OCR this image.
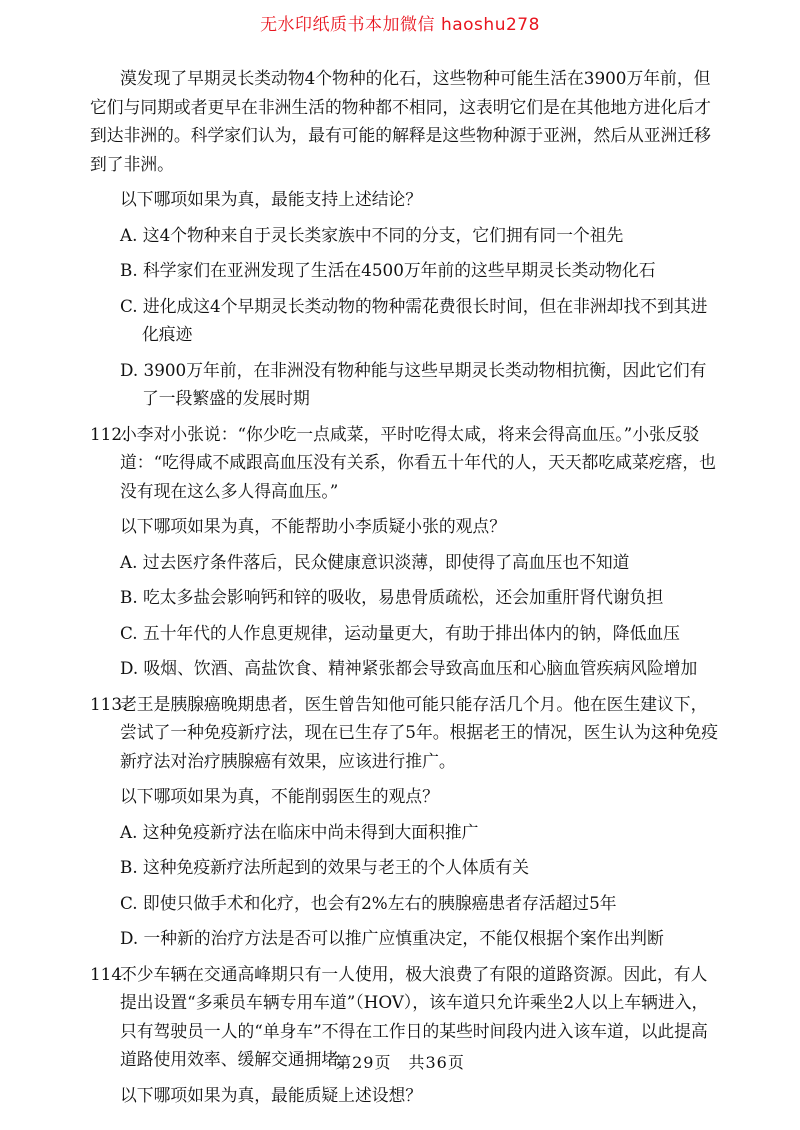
无水印纸质书本加微信 haoshu278

漠发现了早期灵长类动物4个物种的化石，这些物种可能生活在3900万年前，但它们与同期或者更早在非洲生活的物种都不相同，这表明它们是在其他地方进化后才到达非洲的。科学家们认为，最有可能的解释是这些物种源于亚洲，然后从亚洲迁移到了非洲。

以下哪项如果为真，最能支持上述结论？

A. 这4个物种来自于灵长类家族中不同的分支，它们拥有同一个祖先

B. 科学家们在亚洲发现了生活在4500万年前的这些早期灵长类动物化石

C. 进化成这4个早期灵长类动物的物种需花费很长时间，但在非洲却找不到其进化痕迹

D. 3900万年前，在非洲没有物种能与这些早期灵长类动物相抗衡，因此它们有了一段繁盛的发展时期

112.小李对小张说：“你少吃一点咸菜，平时吃得太咸，将来会得高血压。”小张反驳道：“吃得咸不咸跟高血压没有关系，你看五十年代的人，天天都吃咸菜疙瘩，也没有现在这么多人得高血压。”

以下哪项如果为真，不能帮助小李质疑小张的观点？

A. 过去医疗条件落后，民众健康意识淡薄，即使得了高血压也不知道

B. 吃太多盐会影响钙和锌的吸收，易患骨质疏松，还会加重肝肾代谢负担

C. 五十年代的人作息更规律，运动量更大，有助于排出体内的钠，降低血压

D. 吸烟、饮酒、高盐饮食、精神紧张都会导致高血压和心脑血管疾病风险增加

113.老王是胰腺癌晚期患者，医生曾告知他可能只能存活几个月。他在医生建议下，尝试了一种免疫新疗法，现在已生存了5年。根据老王的情况，医生认为这种免疫新疗法对治疗胰腺癌有效果，应该进行推广。

以下哪项如果为真，不能削弱医生的观点？

A. 这种免疫新疗法在临床中尚未得到大面积推广

B. 这种免疫新疗法所起到的效果与老王的个人体质有关

C. 即使只做手术和化疗，也会有2%左右的胰腺癌患者存活超过5年

D. 一种新的治疗方法是否可以推广应慎重决定，不能仅根据个案作出判断

114.不少车辆在交通高峰期只有一人使用，极大浪费了有限的道路资源。因此，有人提出设置“多乘员车辆专用车道”（HOV），该车道只允许乘坐2人以上车辆进入，只有驾驶员一人的“单身车”不得在工作日的某些时间段内进入该车道，以此提高道路使用效率、缓解交通拥堵。

以下哪项如果为真，最能质疑上述设想？

第29页　共36页
